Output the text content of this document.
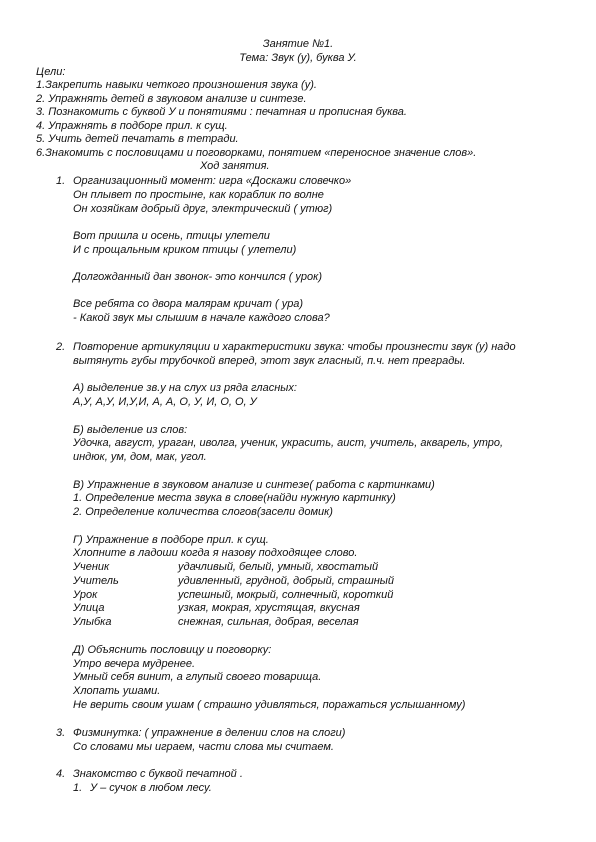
Занятие №1.
Тема: Звук (у), буква У.
Цели:
1.Закрепить навыки четкого произношения звука (у).
2. Упражнять детей в звуковом анализе и синтезе.
3. Познакомить с буквой У и понятиями : печатная и прописная буква.
4. Упражнять в подборе прил. к сущ.
5. Учить детей печатать в тетради.
6.Знакомить с пословицами и поговорками, понятием «переносное значение слов».
Ход занятия.
1. Организационный момент: игра «Доскажи словечко»
Он плывет по простыне, как кораблик по волне
Он хозяйкам добрый друг, электрический ( утюг)
Вот пришла и осень, птицы улетели
И с прощальным криком птицы ( улетели)
Долгожданный дан звонок- это кончился ( урок)
Все ребята со двора малярам кричат ( ура)
- Какой звук мы слышим в начале каждого слова?
2. Повторение артикуляции и характеристики звука: чтобы произнести звук (у) надо
вытянуть губы трубочкой вперед, этот звук гласный, п.ч. нет преграды.
А) выделение зв.у на слух из ряда гласных:
А,У, А,У, И,У,И, А, А, О, У, И, О, О, У
Б) выделение из слов:
Удочка, август, ураган, иволга, ученик, украсить, аист, учитель, акварель, утро,
индюк, ум, дом, мак, угол.
В) Упражнение в звуковом анализе и синтезе( работа с картинками)
1. Определение места звука в слове(найди нужную картинку)
2. Определение количества слогов(засели домик)
Г) Упражнение в подборе прил. к сущ.
Хлопните в ладоши когда я назову подходящее слово.
Ученик	удачливый, белый, умный, хвостатый
Учитель	удивленный, грудной, добрый, страшный
Урок	успешный, мокрый, солнечный, короткий
Улица	узкая, мокрая, хрустящая, вкусная
Улыбка	снежная, сильная, добрая, веселая
Д) Объяснить пословицу и поговорку:
Утро вечера мудренее.
Умный себя винит, а глупый своего товарища.
Хлопать ушами.
Не верить своим ушам ( страшно удивляться, поражаться услышанному)
3. Физминутка: ( упражнение в делении слов на слоги)
Со словами мы играем, части слова мы считаем.
4. Знакомство с буквой печатной .
1. У – сучок в любом лесу.
